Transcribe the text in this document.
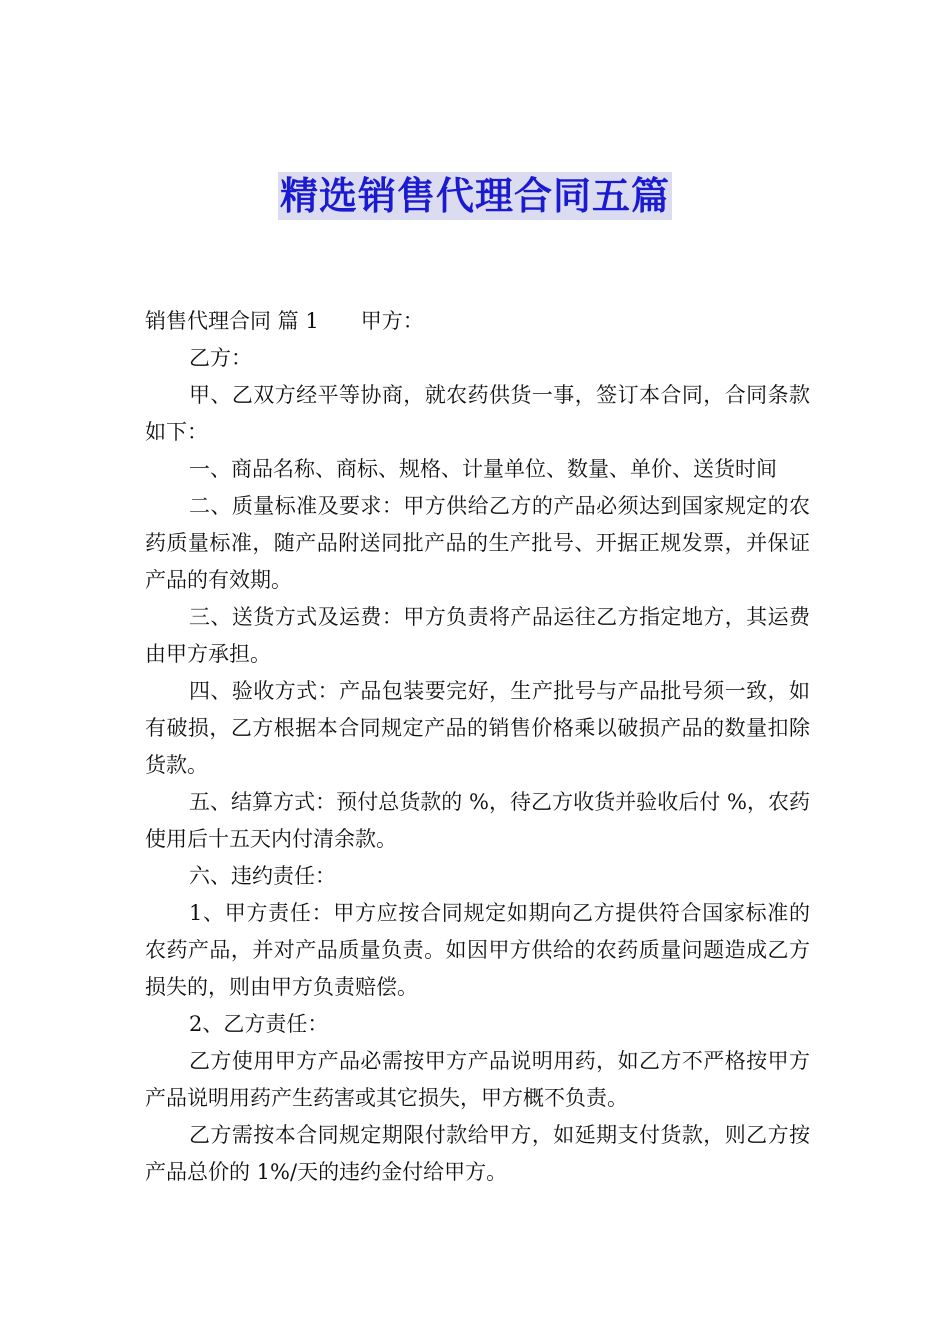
精选销售代理合同五篇

销售代理合同 篇 1 甲方：

乙方：

甲、乙双方经平等协商，就农药供货一事，签订本合同，合同条款如下：

一、商品名称、商标、规格、计量单位、数量、单价、送货时间

二、质量标准及要求：甲方供给乙方的产品必须达到国家规定的农药质量标准，随产品附送同批产品的生产批号、开据正规发票，并保证产品的有效期。

三、送货方式及运费：甲方负责将产品运往乙方指定地方，其运费由甲方承担。

四、验收方式：产品包装要完好，生产批号与产品批号须一致，如有破损，乙方根据本合同规定产品的销售价格乘以破损产品的数量扣除货款。

五、结算方式：预付总货款的 %，待乙方收货并验收后付 %，农药使用后十五天内付清余款。

六、违约责任：

1、甲方责任：甲方应按合同规定如期向乙方提供符合国家标准的农药产品，并对产品质量负责。如因甲方供给的农药质量问题造成乙方损失的，则由甲方负责赔偿。

2、乙方责任：

乙方使用甲方产品必需按甲方产品说明用药，如乙方不严格按甲方产品说明用药产生药害或其它损失，甲方概不负责。

乙方需按本合同规定期限付款给甲方，如延期支付货款，则乙方按产品总价的 1%/天的违约金付给甲方。
